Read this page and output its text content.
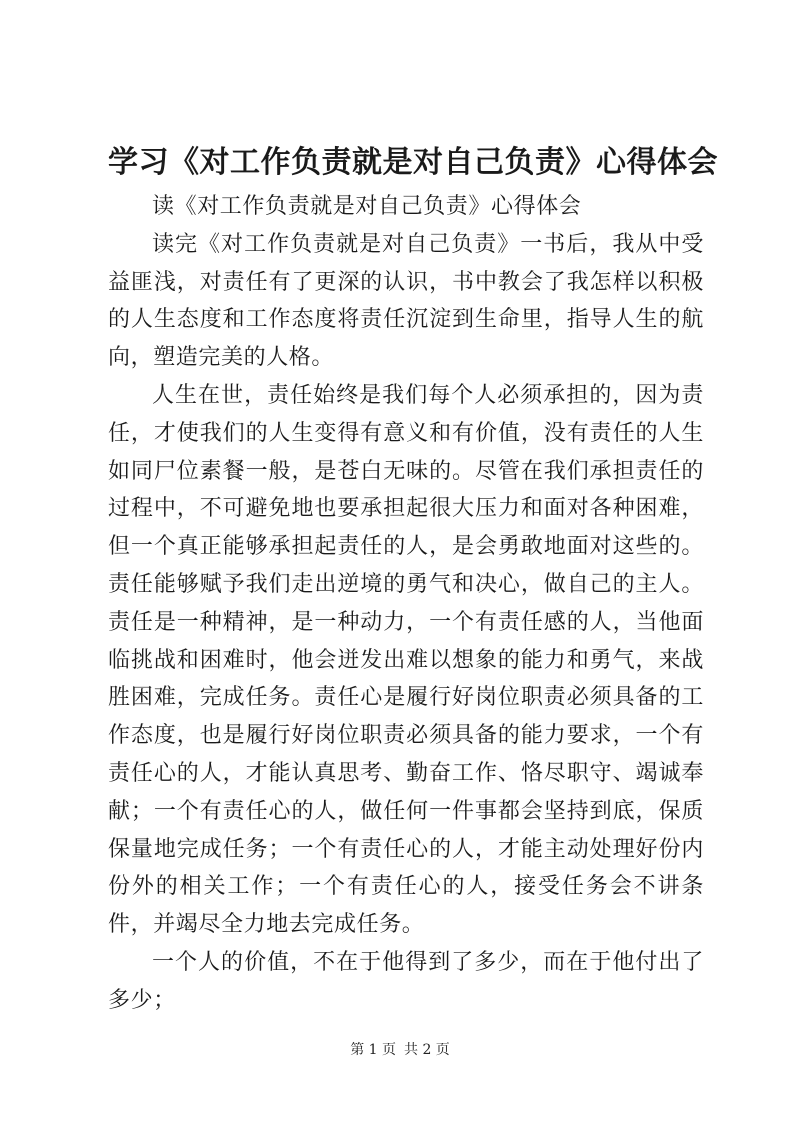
学习《对工作负责就是对自己负责》心得体会

读《对工作负责就是对自己负责》心得体会

读完《对工作负责就是对自己负责》一书后，我从中受益匪浅，对责任有了更深的认识，书中教会了我怎样以积极的人生态度和工作态度将责任沉淀到生命里，指导人生的航向，塑造完美的人格。

人生在世，责任始终是我们每个人必须承担的，因为责任，才使我们的人生变得有意义和有价值，没有责任的人生如同尸位素餐一般，是苍白无味的。尽管在我们承担责任的过程中，不可避免地也要承担起很大压力和面对各种困难，但一个真正能够承担起责任的人，是会勇敢地面对这些的。责任能够赋予我们走出逆境的勇气和决心，做自己的主人。责任是一种精神，是一种动力，一个有责任感的人，当他面临挑战和困难时，他会迸发出难以想象的能力和勇气，来战胜困难，完成任务。责任心是履行好岗位职责必须具备的工作态度，也是履行好岗位职责必须具备的能力要求，一个有责任心的人，才能认真思考、勤奋工作、恪尽职守、竭诚奉献；一个有责任心的人，做任何一件事都会坚持到底，保质保量地完成任务；一个有责任心的人，才能主动处理好份内份外的相关工作；一个有责任心的人，接受任务会不讲条件，并竭尽全力地去完成任务。

一个人的价值，不在于他得到了多少，而在于他付出了多少；

第 1 页 共 2 页
